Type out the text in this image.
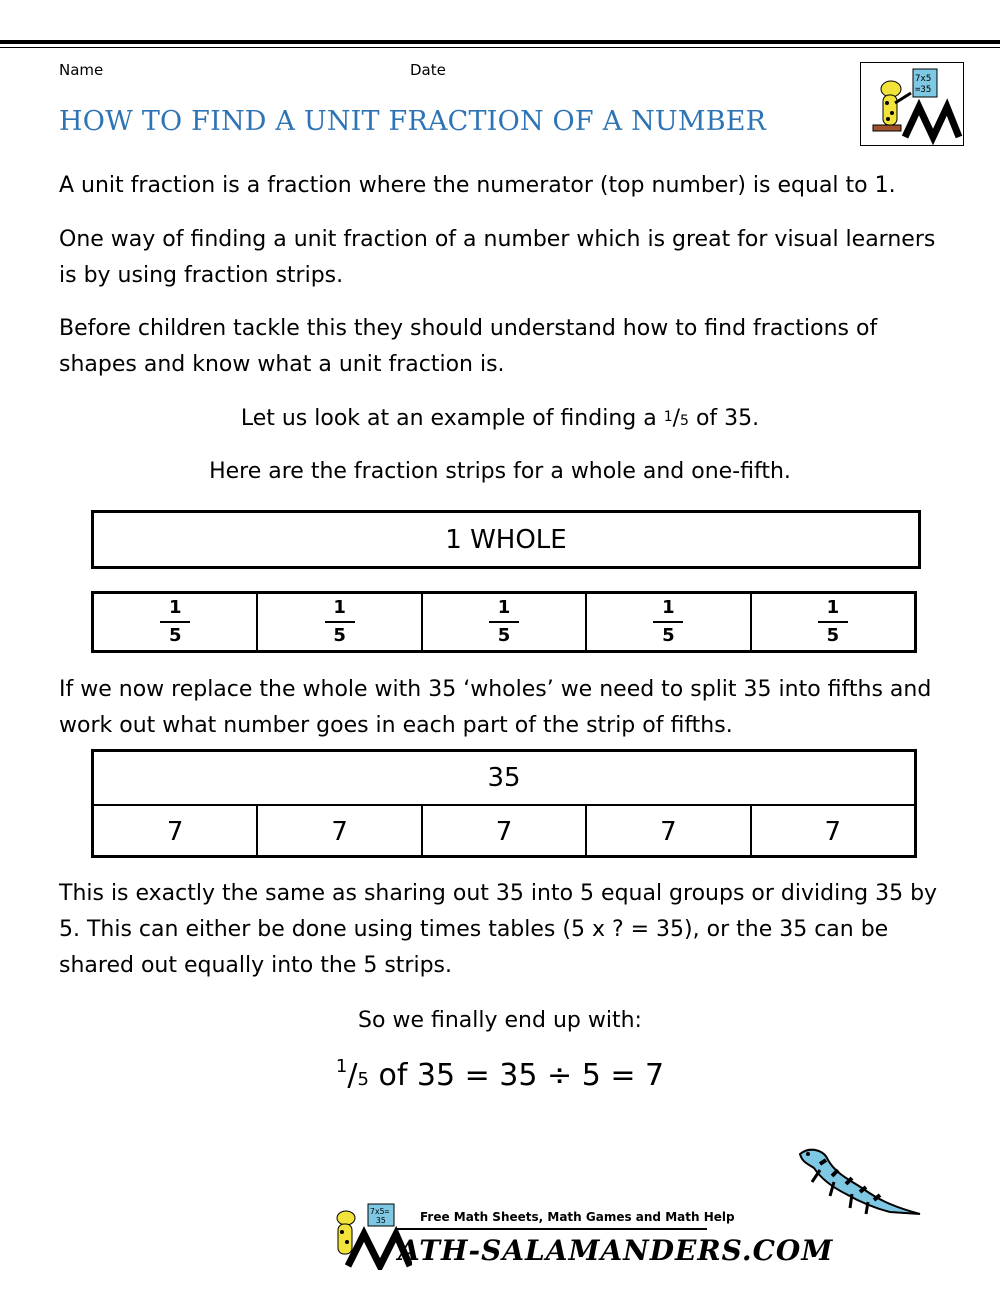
Name	Date	7x5
=35
HOW TO FIND A UNIT FRACTION OF A NUMBER
A unit fraction is a fraction where the numerator (top number) is equal to 1.
One way of finding a unit fraction of a number which is great for visual learners is by using fraction strips.
Before children tackle this they should understand how to find fractions of shapes and know what a unit fraction is.
Let us look at an example of finding a $^1$/5 of 35.
Here are the fraction strips for a whole and one-fifth.
1 WHOLE
$\frac{1}{5}$	$\frac{1}{5}$	$\frac{1}{5}$	$\frac{1}{5}$	$\frac{1}{5}$
If we now replace the whole with 35 ‘wholes’ we need to split 35 into fifths and work out what number goes in each part of the strip of fifths.
35
7	7	7	7	7
This is exactly the same as sharing out 35 into 5 equal groups or dividing 35 by 5. This can either be done using times tables (5 x ? = 35), or the 35 can be shared out equally into the 5 strips.
So we finally end up with:
$^1$/5 of 35 = 35 ÷ 5 = 7
7x5=
35	Free Math Sheets, Math Games and Math Help
ATH-SALAMANDERS.COM
